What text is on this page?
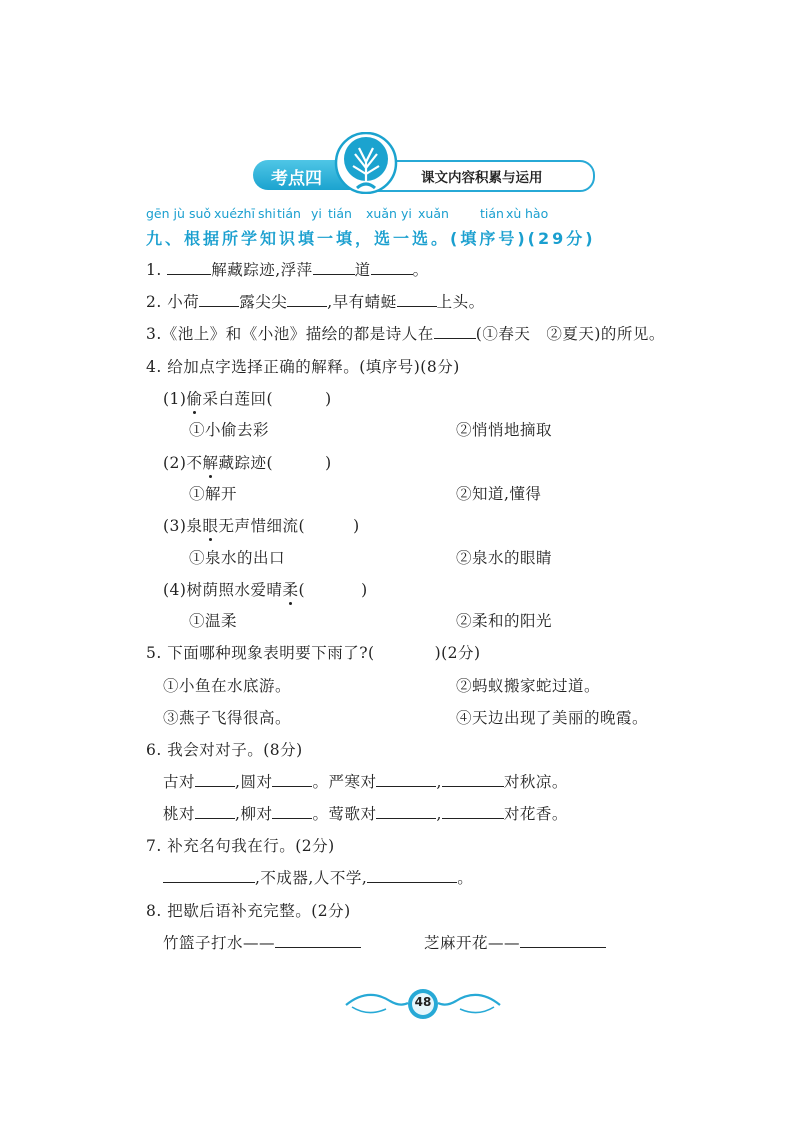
考点四	课文内容积累与运用
gēn jù suǒ xué zhī shi tián yi tián xuǎn yi xuǎn tián xù hào
九、根据所学知识填一填，选一选。(填序号)(29分)
1.	解藏踪迹,浮萍	道	。
2. 小荷	露尖尖	,早有蜻蜓	上头。
3.《池上》和《小池》描绘的都是诗人在	(①春天　②夏天)的所见。
4. 给加点字选择正确的解释。(填序号)(8分)
(1)偷采白莲回(	)
①小偷去彩	②悄悄地摘取
(2)不解藏踪迹(	)
①解开	②知道,懂得
(3)泉眼无声惜细流(	)
①泉水的出口	②泉水的眼睛
(4)树荫照水爱晴柔(	)
①温柔	②柔和的阳光
5. 下面哪种现象表明要下雨了?(	)(2分)
①小鱼在水底游。	②蚂蚁搬家蛇过道。
③燕子飞得很高。	④天边出现了美丽的晚霞。
6. 我会对对子。(8分)
古对	,圆对	。严寒对	,	对秋凉。
桃对	,柳对	。莺歌对	,	对花香。
7. 补充名句我在行。(2分)
,不成器,人不学,	。
8. 把歇后语补充完整。(2分)
竹篮子打水——	芝麻开花——
48
